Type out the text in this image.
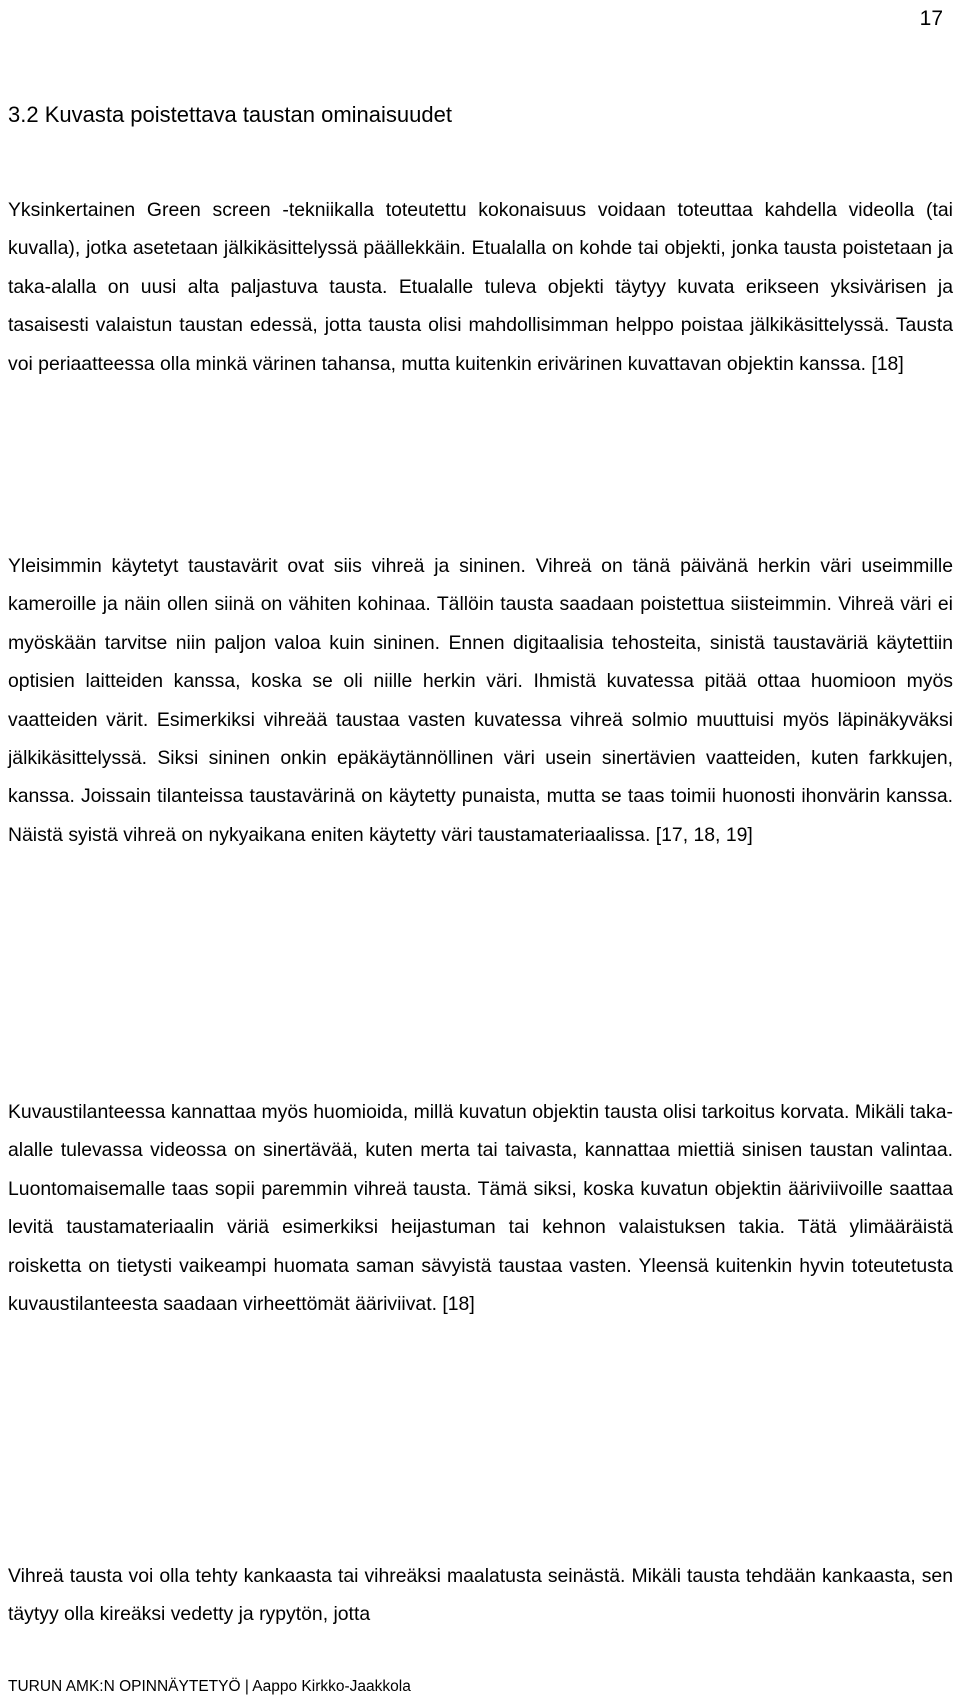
17
3.2 Kuvasta poistettava taustan ominaisuudet

Yksinkertainen Green screen -tekniikalla toteutettu kokonaisuus voidaan toteuttaa kahdella videolla (tai kuvalla), jotka asetetaan jälkikäsittelyssä päällekkäin. Etualalla on kohde tai objekti, jonka tausta poistetaan ja taka-alalla on uusi alta paljastuva tausta. Etualalle tuleva objekti täytyy kuvata erikseen yksivärisen ja tasaisesti valaistun taustan edessä, jotta tausta olisi mahdollisimman helppo poistaa jälkikäsittelyssä. Tausta voi periaatteessa olla minkä värinen tahansa, mutta kuitenkin erivärinen kuvattavan objektin kanssa. [18]

Yleisimmin käytetyt taustavärit ovat siis vihreä ja sininen. Vihreä on tänä päivänä herkin väri useimmille kameroille ja näin ollen siinä on vähiten kohinaa. Tällöin tausta saadaan poistettua siisteimmin. Vihreä väri ei myöskään tarvitse niin paljon valoa kuin sininen. Ennen digitaalisia tehosteita, sinistä taustaväriä käytettiin optisien laitteiden kanssa, koska se oli niille herkin väri. Ihmistä kuvatessa pitää ottaa huomioon myös vaatteiden värit. Esimerkiksi vihreää taustaa vasten kuvatessa vihreä solmio muuttuisi myös läpinäkyväksi jälkikäsittelyssä. Siksi sininen onkin epäkäytännöllinen väri usein sinertävien vaatteiden, kuten farkkujen, kanssa. Joissain tilanteissa taustavärinä on käytetty punaista, mutta se taas toimii huonosti ihonvärin kanssa. Näistä syistä vihreä on nykyaikana eniten käytetty väri taustamateriaalissa. [17, 18, 19]

Kuvaustilanteessa kannattaa myös huomioida, millä kuvatun objektin tausta olisi tarkoitus korvata. Mikäli taka-alalle tulevassa videossa on sinertävää, kuten merta tai taivasta, kannattaa miettiä sinisen taustan valintaa. Luontomaisemalle taas sopii paremmin vihreä tausta. Tämä siksi, koska kuvatun objektin ääriviivoille saattaa levitä taustamateriaalin väriä esimerkiksi heijastuman tai kehnon valaistuksen takia. Tätä ylimääräistä roisketta on tietysti vaikeampi huomata saman sävyistä taustaa vasten. Yleensä kuitenkin hyvin toteutetusta kuvaustilanteesta saadaan virheettömät ääriviivat. [18]

Vihreä tausta voi olla tehty kankaasta tai vihreäksi maalatusta seinästä. Mikäli tausta tehdään kankaasta, sen täytyy olla kireäksi vedetty ja rypytön, jotta

TURUN AMK:N OPINNÄYTETYÖ | Aappo Kirkko-Jaakkola
